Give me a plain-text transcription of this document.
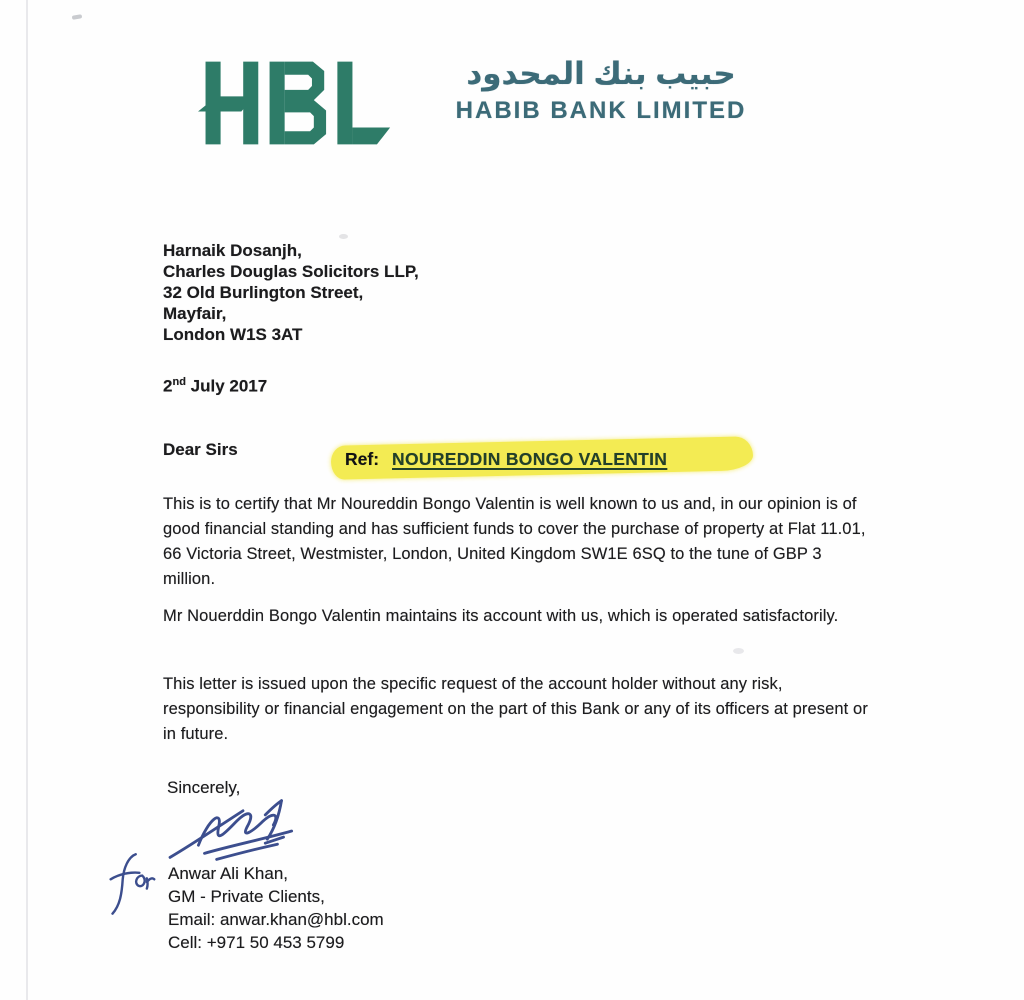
حبيب بنك المحدود
HABIB BANK LIMITED
Harnaik Dosanjh,
Charles Douglas Solicitors LLP,
32 Old Burlington Street,
Mayfair,
London W1S 3AT
2nd July 2017
Dear Sirs	Ref: NOUREDDIN BONGO VALENTIN
This is to certify that Mr Noureddin Bongo Valentin is well known to us and, in our opinion is of good financial standing and has sufficient funds to cover the purchase of property at Flat 11.01, 66 Victoria Street, Westmister, London, United Kingdom SW1E 6SQ to the tune of GBP 3 million.
Mr Nouerddin Bongo Valentin maintains its account with us, which is operated satisfactorily.
This letter is issued upon the specific request of the account holder without any risk, responsibility or financial engagement on the part of this Bank or any of its officers at present or in future.
Sincerely,
Anwar Ali Khan,
GM - Private Clients,
Email: anwar.khan@hbl.com
Cell: +971 50 453 5799
